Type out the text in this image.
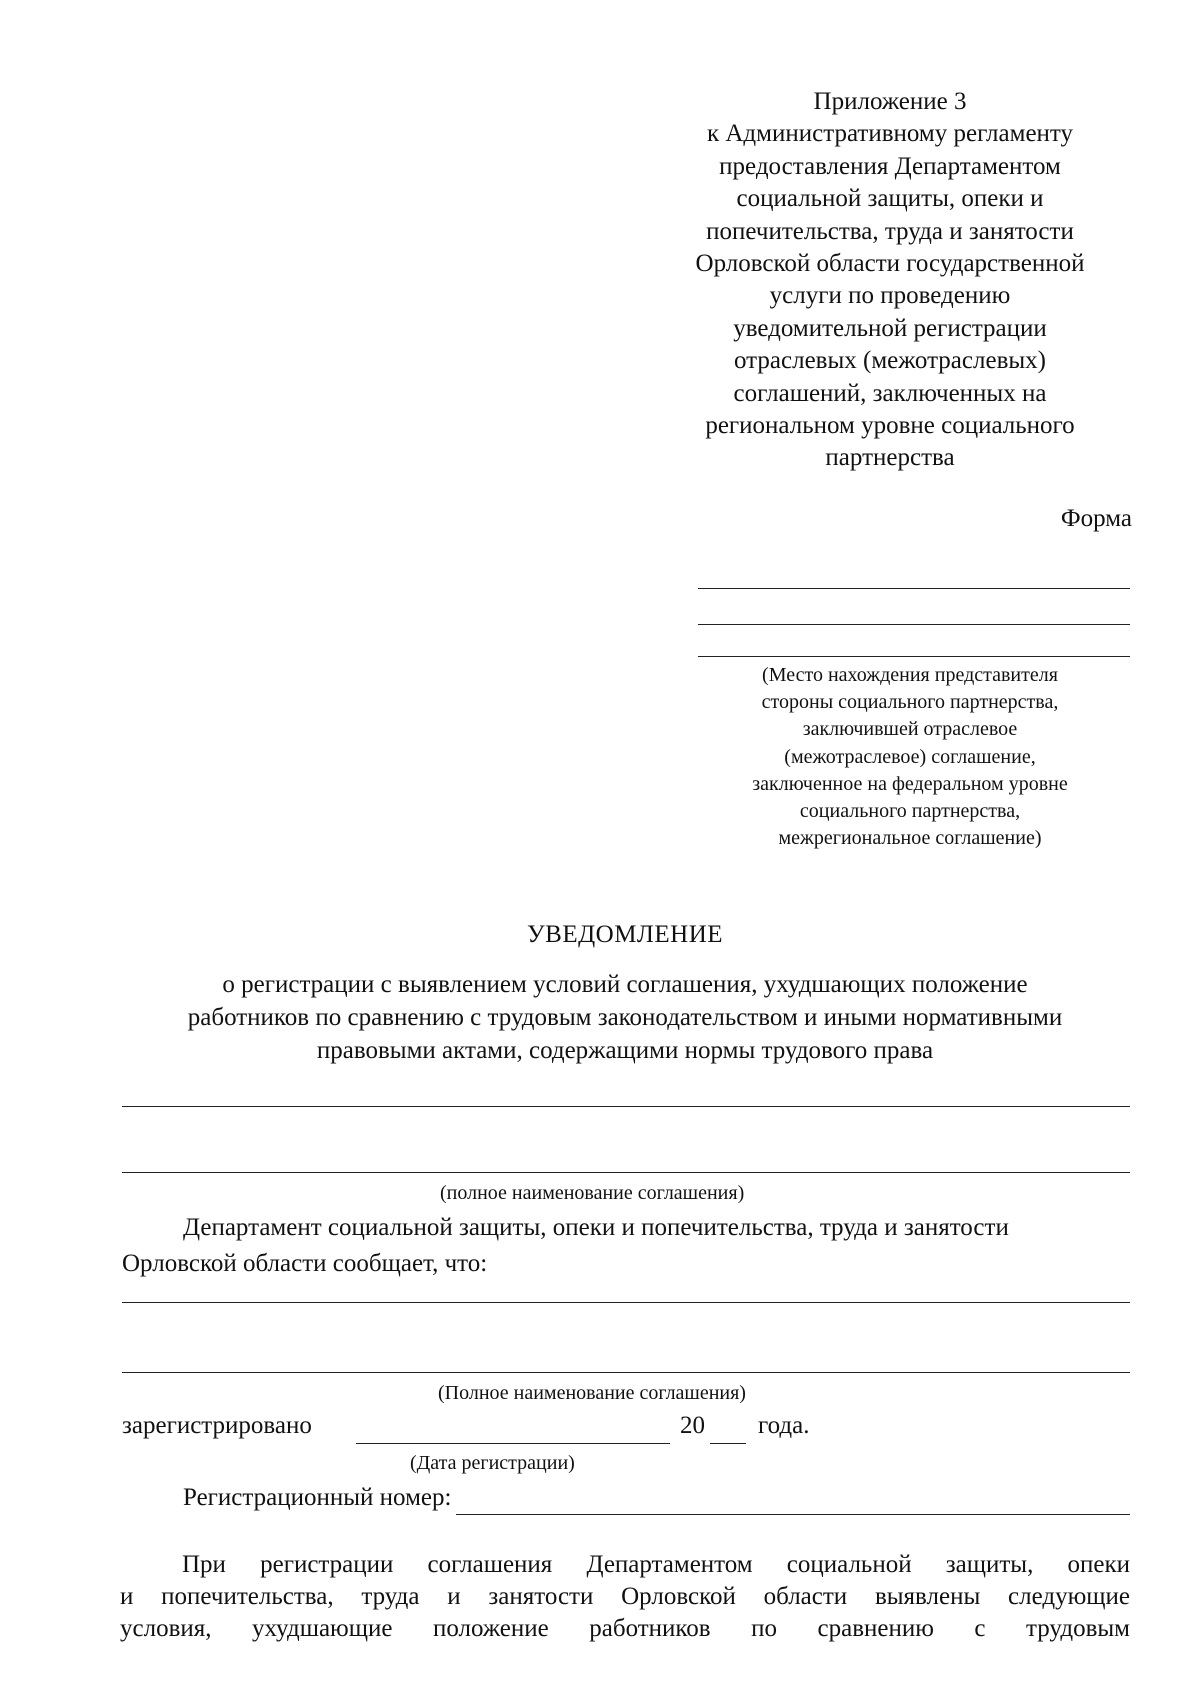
Приложение 3
к Административному регламенту
предоставления Департаментом
социальной защиты, опеки и
попечительства, труда и занятости
Орловской области государственной
услуги по проведению
уведомительной регистрации
отраслевых (межотраслевых)
соглашений, заключенных на
региональном уровне социального
партнерства
Форма
(Место нахождения представителя
стороны социального партнерства,
заключившей отраслевое
(межотраслевое) соглашение,
заключенное на федеральном уровне
социального партнерства,
межрегиональное соглашение)
УВЕДОМЛЕНИЕ
о регистрации с выявлением условий соглашения, ухудшающих положение
работников по сравнению с трудовым законодательством и иными нормативными
правовыми актами, содержащими нормы трудового права
(полное наименование соглашения)
Департамент социальной защиты, опеки и попечительства, труда и занятости
Орловской области сообщает, что:
(Полное наименование соглашения)
зарегистрировано	20 года.
(Дата регистрации)
Регистрационный номер:
При регистрации соглашения Департаментом социальной защиты, опеки
и попечительства, труда и занятости Орловской области выявлены следующие
условия, ухудшающие положение работников по сравнению с трудовым
